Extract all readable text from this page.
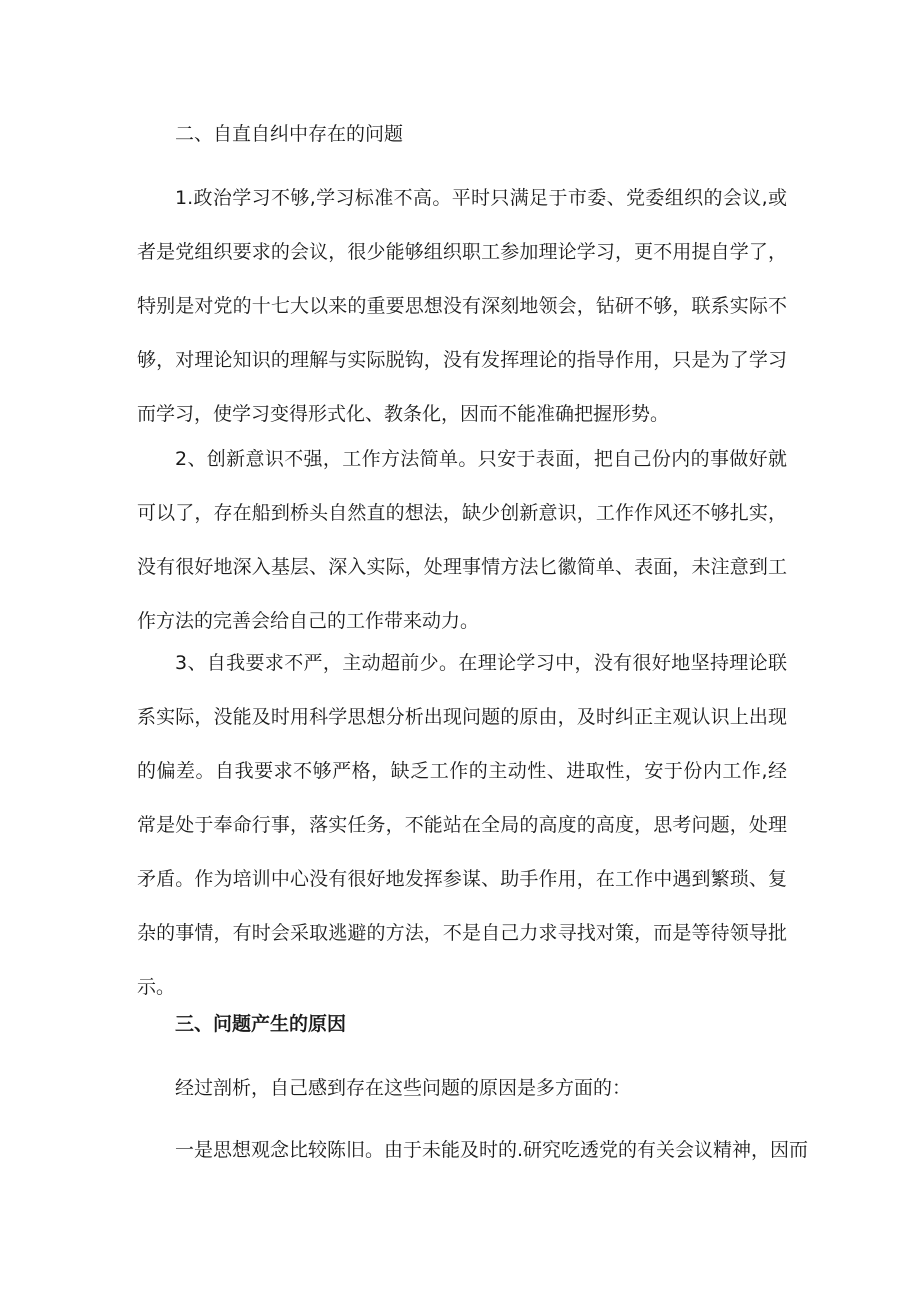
二、自直自纠中存在的问题

1.政治学习不够,学习标准不高。平时只满足于市委、党委组织的会议,或者是党组织要求的会议，很少能够组织职工参加理论学习，更不用提自学了，特别是对党的十七大以来的重要思想没有深刻地领会，钻研不够，联系实际不够，对理论知识的理解与实际脱钩，没有发挥理论的指导作用，只是为了学习而学习，使学习变得形式化、教条化，因而不能准确把握形势。

2、创新意识不强，工作方法简单。只安于表面，把自己份内的事做好就可以了，存在船到桥头自然直的想法，缺少创新意识，工作作风还不够扎实，没有很好地深入基层、深入实际，处理事情方法匕徽简单、表面，未注意到工作方法的完善会给自己的工作带来动力。

3、自我要求不严，主动超前少。在理论学习中，没有很好地坚持理论联系实际，没能及时用科学思想分析出现问题的原由，及时纠正主观认识上出现的偏差。自我要求不够严格，缺乏工作的主动性、进取性，安于份内工作,经常是处于奉命行事，落实任务，不能站在全局的高度的高度，思考问题，处理矛盾。作为培训中心没有很好地发挥参谋、助手作用，在工作中遇到繁琐、复杂的事情，有时会采取逃避的方法，不是自己力求寻找对策，而是等待领导批示。

三、问题产生的原因

经过剖析，自己感到存在这些问题的原因是多方面的：

一是思想观念比较陈旧。由于未能及时的.研究吃透党的有关会议精神，因而
